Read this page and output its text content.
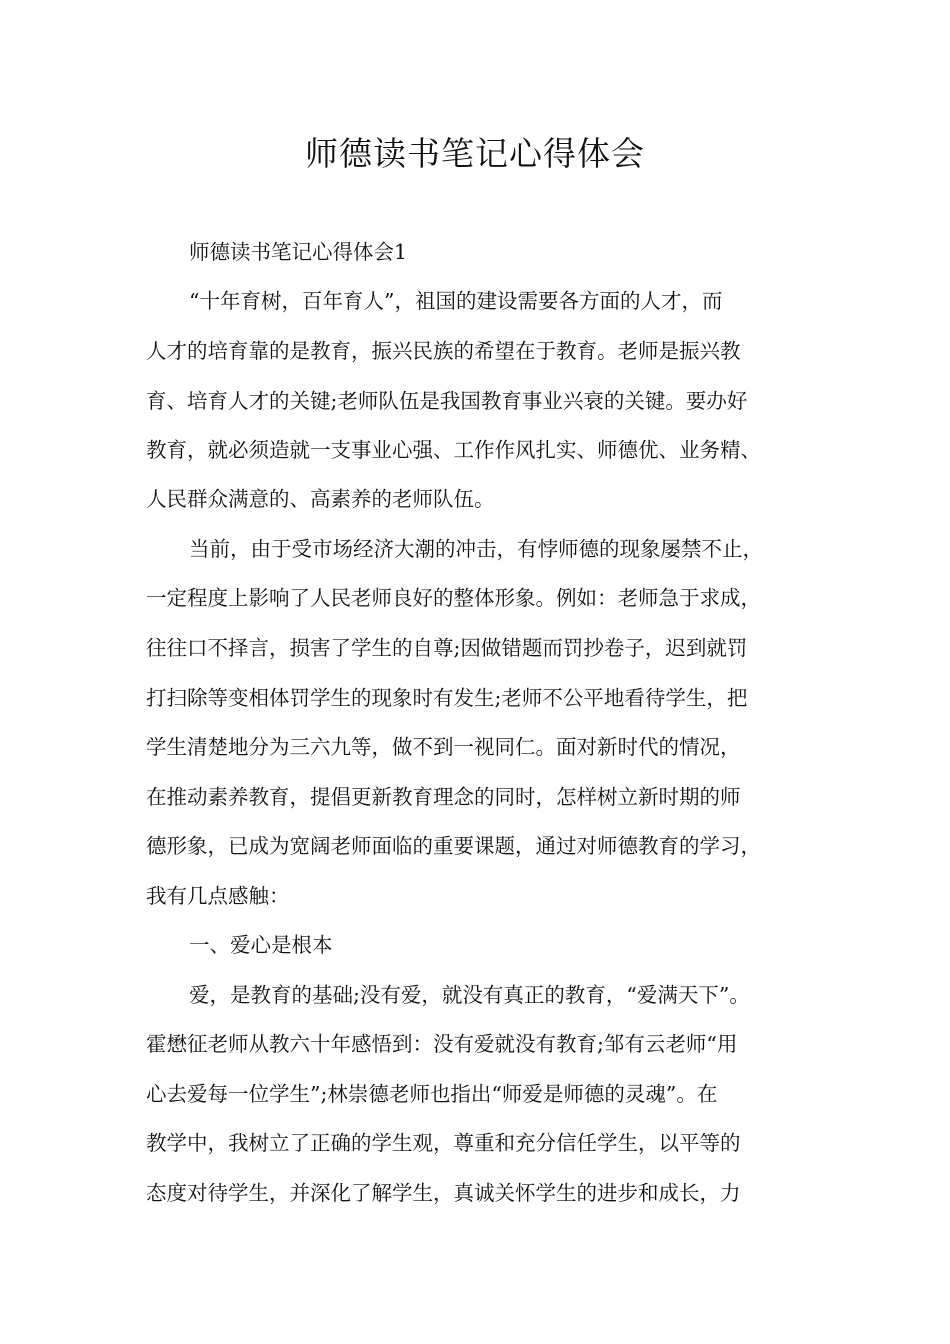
师德读书笔记心得体会

师德读书笔记心得体会1

“十年育树，百年育人”，祖国的建设需要各方面的人才，而

人才的培育靠的是教育，振兴民族的希望在于教育。老师是振兴教

育、培育人才的关键;老师队伍是我国教育事业兴衰的关键。要办好

教育，就必须造就一支事业心强、工作作风扎实、师德优、业务精、

人民群众满意的、高素养的老师队伍。

当前，由于受市场经济大潮的冲击，有悖师德的现象屡禁不止，

一定程度上影响了人民老师良好的整体形象。例如：老师急于求成，

往往口不择言，损害了学生的自尊;因做错题而罚抄卷子，迟到就罚

打扫除等变相体罚学生的现象时有发生;老师不公平地看待学生，把

学生清楚地分为三六九等，做不到一视同仁。面对新时代的情况，

在推动素养教育，提倡更新教育理念的同时，怎样树立新时期的师

德形象，已成为宽阔老师面临的重要课题，通过对师德教育的学习，

我有几点感触：

一、爱心是根本

爱，是教育的基础;没有爱，就没有真正的教育，“爱满天下”。

霍懋征老师从教六十年感悟到：没有爱就没有教育;邹有云老师“用

心去爱每一位学生”;林崇德老师也指出“师爱是师德的灵魂”。在

教学中，我树立了正确的学生观，尊重和充分信任学生，以平等的

态度对待学生，并深化了解学生，真诚关怀学生的进步和成长，力
